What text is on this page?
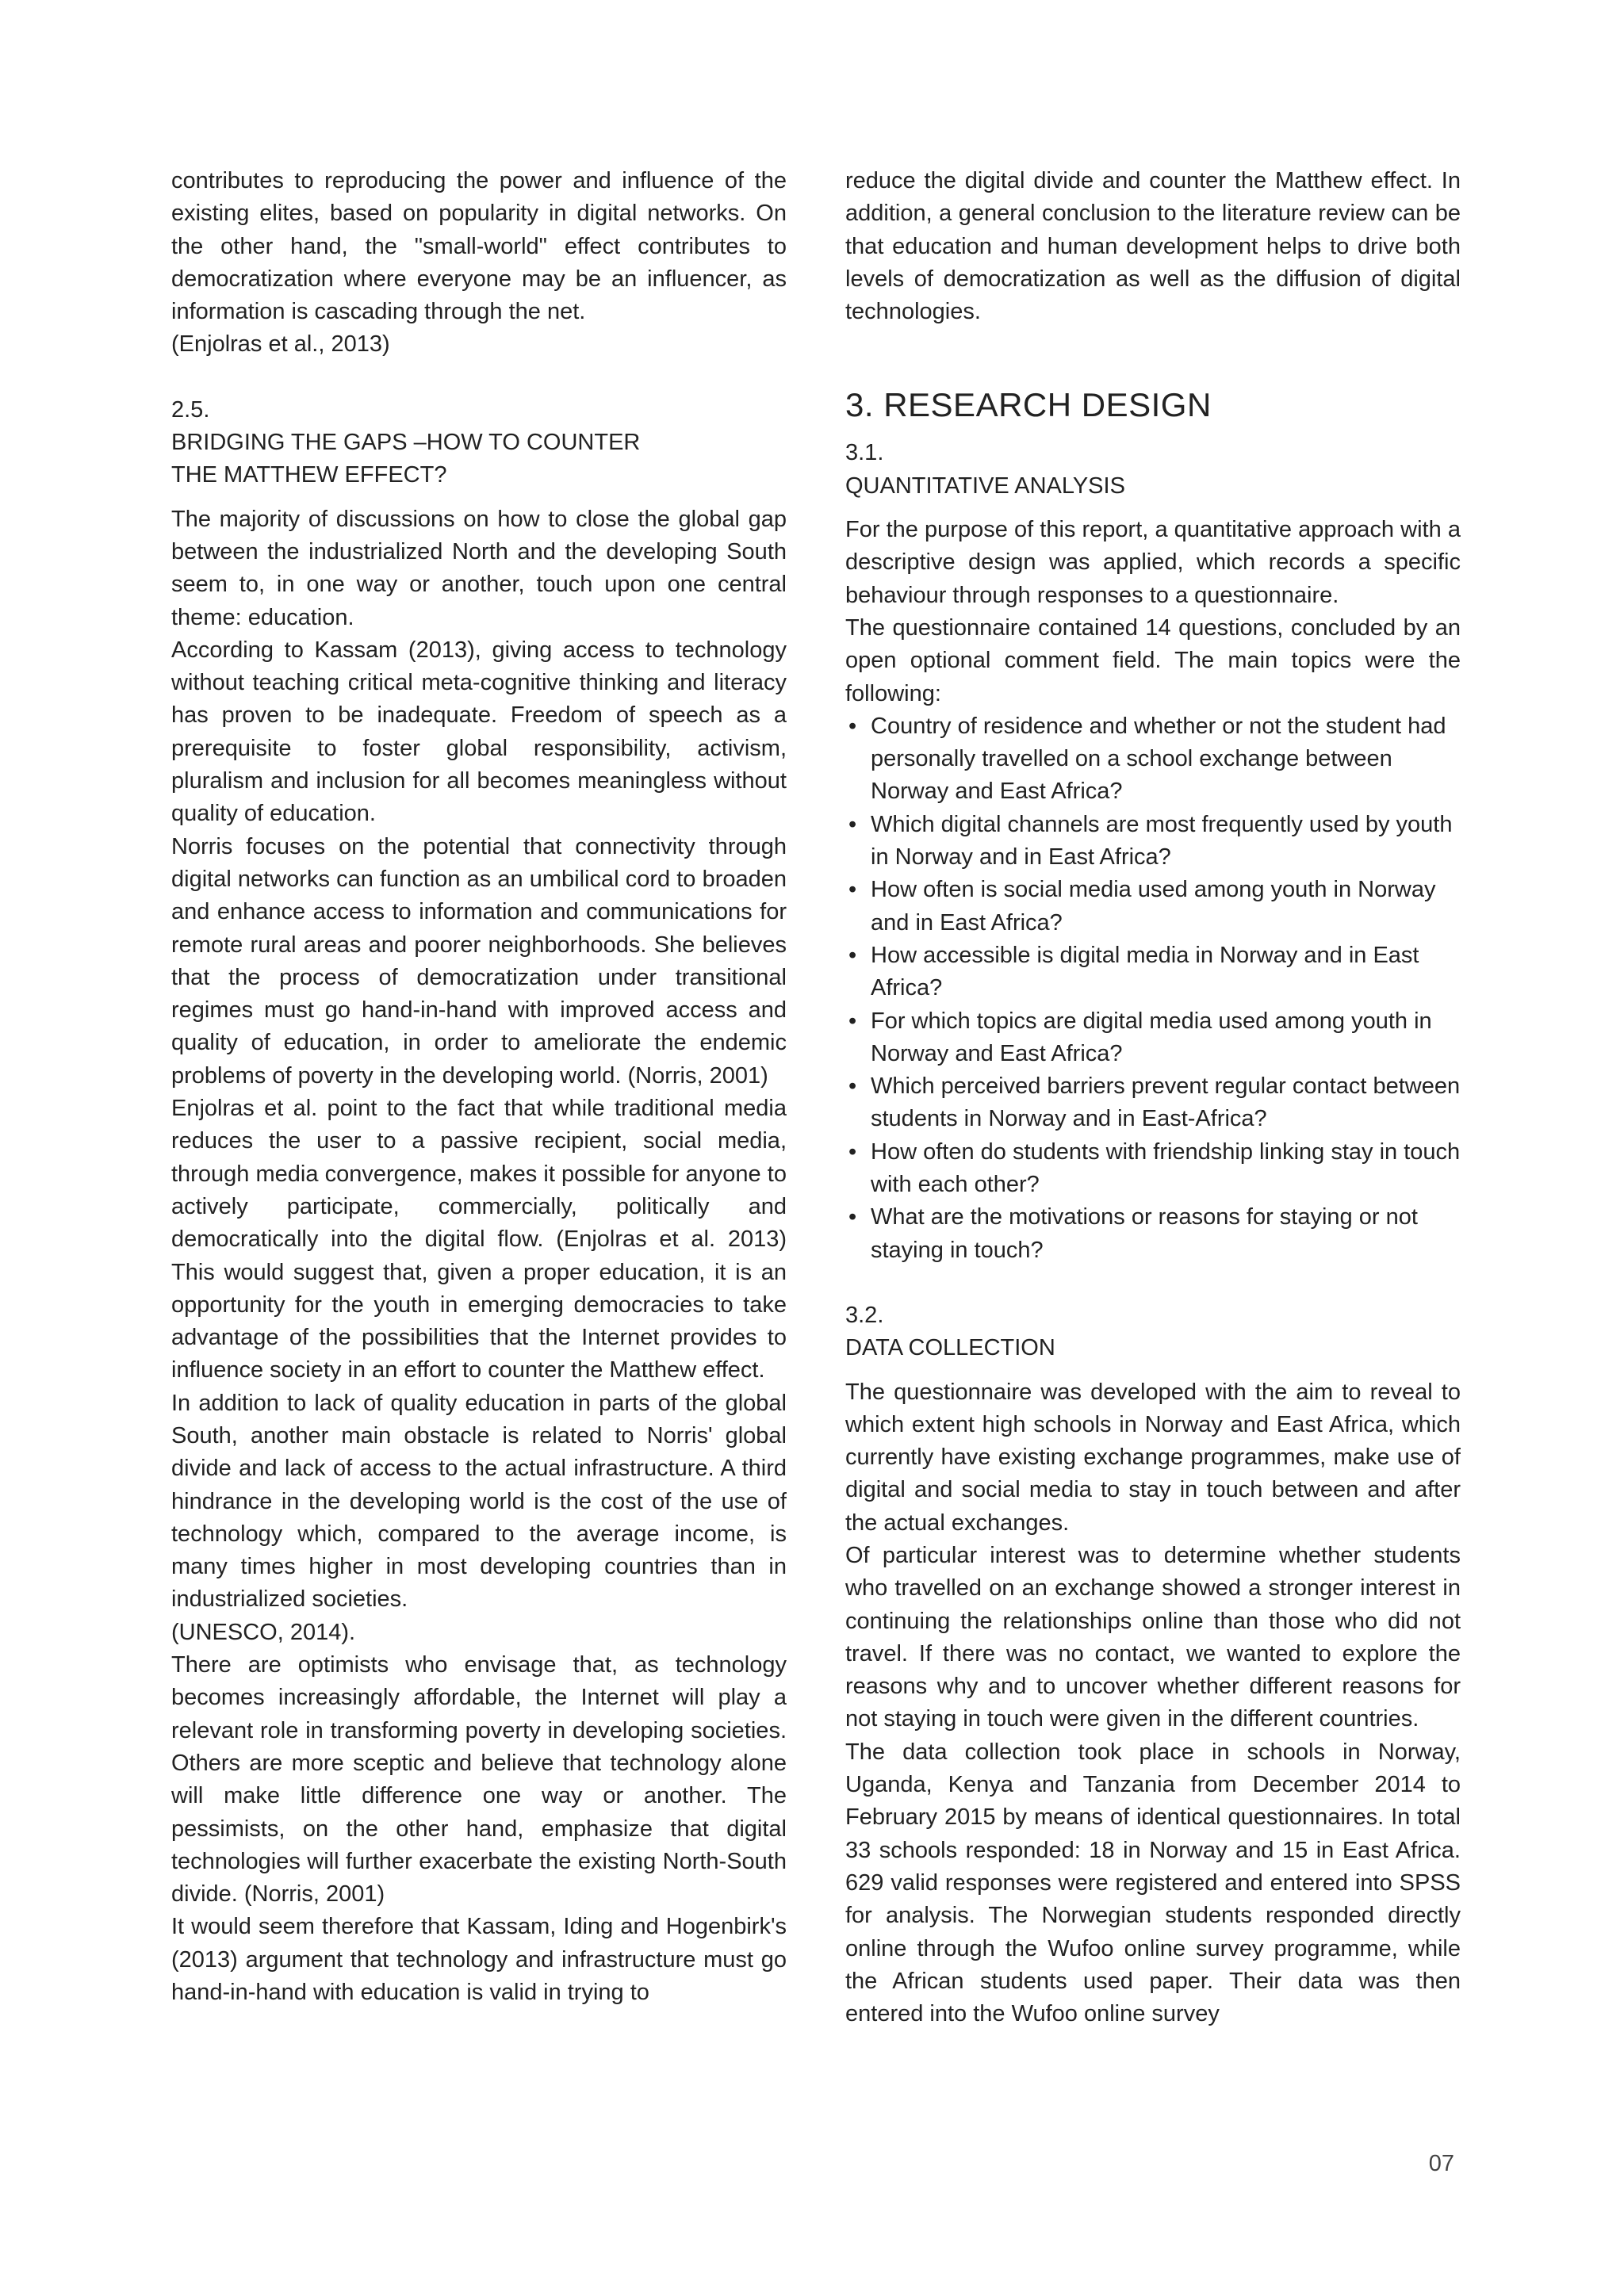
contributes to reproducing the power and influence of the existing elites, based on popularity in digital networks. On the other hand, the "small-world" effect contributes to democratization where everyone may be an influencer, as information is cascading through the net.

(Enjolras et al., 2013)

2.5.

BRIDGING THE GAPS –HOW TO COUNTER

THE MATTHEW EFFECT?

The majority of discussions on how to close the global gap between the industrialized North and the developing South seem to, in one way or another, touch upon one central theme: education.

According to Kassam (2013), giving access to technology without teaching critical meta-cognitive thinking and literacy has proven to be inadequate. Freedom of speech as a prerequisite to foster global responsibility, activism, pluralism and inclusion for all becomes meaningless without quality of education.

Norris focuses on the potential that connectivity through digital networks can function as an umbilical cord to broaden and enhance access to information and communications for remote rural areas and poorer neighborhoods. She believes that the process of democratization under transitional regimes must go hand-in-hand with improved access and quality of education, in order to ameliorate the endemic problems of poverty in the developing world. (Norris, 2001)

Enjolras et al. point to the fact that while traditional media reduces the user to a passive recipient, social media, through media convergence, makes it possible for anyone to actively participate, commercially, politically and democratically into the digital flow. (Enjolras et al. 2013) This would suggest that, given a proper education, it is an opportunity for the youth in emerging democracies to take advantage of the possibilities that the Internet provides to influence society in an effort to counter the Matthew effect.

In addition to lack of quality education in parts of the global South, another main obstacle is related to Norris' global divide and lack of access to the actual infrastructure. A third hindrance in the developing world is the cost of the use of technology which, compared to the average income, is many times higher in most developing countries than in industrialized societies.

(UNESCO, 2014).

There are optimists who envisage that, as technology becomes increasingly affordable, the Internet will play a relevant role in transforming poverty in developing societies. Others are more sceptic and believe that technology alone will make little difference one way or another. The pessimists, on the other hand, emphasize that digital technologies will further exacerbate the existing North-South divide. (Norris, 2001)

It would seem therefore that Kassam, Iding and Hogenbirk's (2013) argument that technology and infrastructure must go hand-in-hand with education is valid in trying to

reduce the digital divide and counter the Matthew effect. In addition, a general conclusion to the literature review can be that education and human development helps to drive both levels of democratization as well as the diffusion of digital technologies.

3. RESEARCH DESIGN

3.1.

QUANTITATIVE ANALYSIS

For the purpose of this report, a quantitative approach with a descriptive design was applied, which records a specific behaviour through responses to a questionnaire.

The questionnaire contained 14 questions, concluded by an open optional comment field. The main topics were the following:

• Country of residence and whether or not the student had personally travelled on a school exchange between Norway and East Africa?
• Which digital channels are most frequently used by youth in Norway and in East Africa?
• How often is social media used among youth in Norway and in East Africa?
• How accessible is digital media in Norway and in East Africa?
• For which topics are digital media used among youth in Norway and East Africa?
• Which perceived barriers prevent regular contact between students in Norway and in East-Africa?
• How often do students with friendship linking stay in touch with each other?
• What are the motivations or reasons for staying or not staying in touch?

3.2.

DATA COLLECTION

The questionnaire was developed with the aim to reveal to which extent high schools in Norway and East Africa, which currently have existing exchange programmes, make use of digital and social media to stay in touch between and after the actual exchanges.

Of particular interest was to determine whether students who travelled on an exchange showed a stronger interest in continuing the relationships online than those who did not travel. If there was no contact, we wanted to explore the reasons why and to uncover whether different reasons for not staying in touch were given in the different countries.

The data collection took place in schools in Norway, Uganda, Kenya and Tanzania from December 2014 to February 2015 by means of identical questionnaires. In total 33 schools responded: 18 in Norway and 15 in East Africa. 629 valid responses were registered and entered into SPSS for analysis. The Norwegian students responded directly online through the Wufoo online survey programme, while the African students used paper. Their data was then entered into the Wufoo online survey

07
